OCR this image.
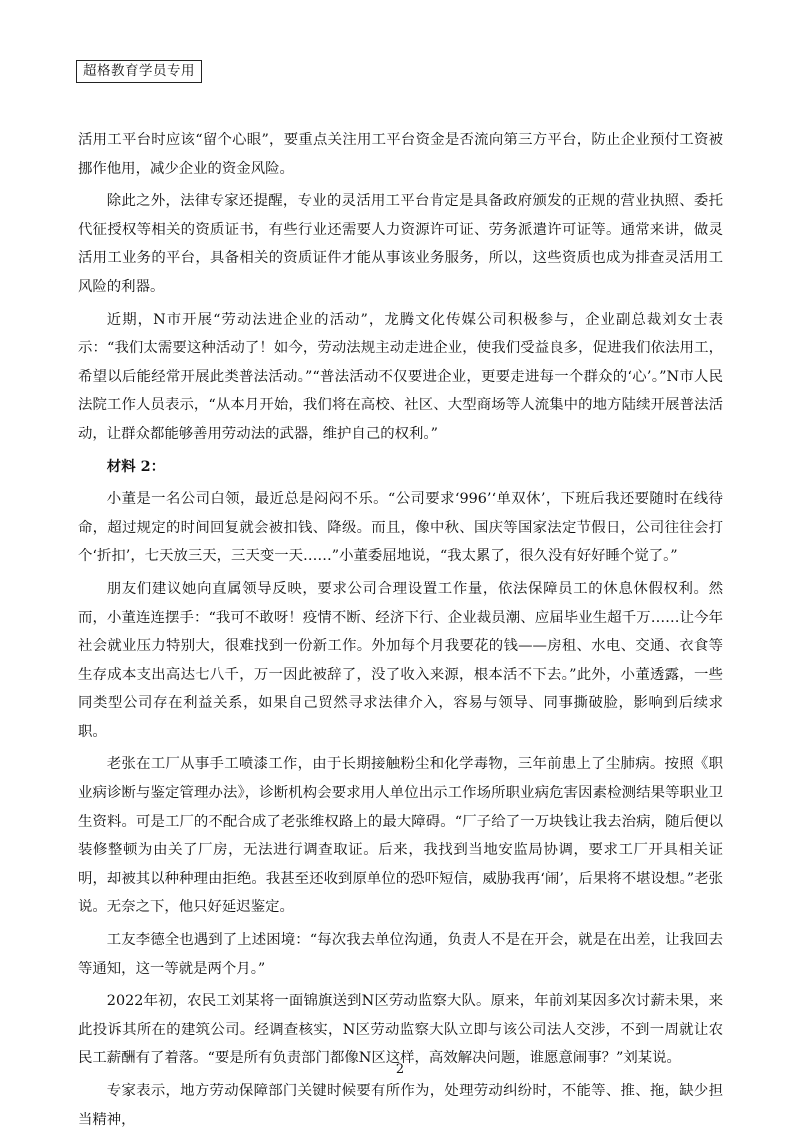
超格教育学员专用

活用工平台时应该“留个心眼”，要重点关注用工平台资金是否流向第三方平台，防止企业预付工资被挪作他用，减少企业的资金风险。

除此之外，法律专家还提醒，专业的灵活用工平台肯定是具备政府颁发的正规的营业执照、委托代征授权等相关的资质证书，有些行业还需要人力资源许可证、劳务派遣许可证等。通常来讲，做灵活用工业务的平台，具备相关的资质证件才能从事该业务服务，所以，这些资质也成为排查灵活用工风险的利器。

近期，N市开展“劳动法进企业的活动”，龙腾文化传媒公司积极参与，企业副总裁刘女士表示：“我们太需要这种活动了！如今，劳动法规主动走进企业，使我们受益良多，促进我们依法用工，希望以后能经常开展此类普法活动。”“普法活动不仅要进企业，更要走进每一个群众的‘心’。”N市人民法院工作人员表示，“从本月开始，我们将在高校、社区、大型商场等人流集中的地方陆续开展普法活动，让群众都能够善用劳动法的武器，维护自己的权利。”

材料 2：

小董是一名公司白领，最近总是闷闷不乐。“公司要求‘996’‘单双休’，下班后我还要随时在线待命，超过规定的时间回复就会被扣钱、降级。而且，像中秋、国庆等国家法定节假日，公司往往会打个‘折扣’，七天放三天，三天变一天……”小董委屈地说，“我太累了，很久没有好好睡个觉了。”

朋友们建议她向直属领导反映，要求公司合理设置工作量，依法保障员工的休息休假权利。然而，小董连连摆手：“我可不敢呀！疫情不断、经济下行、企业裁员潮、应届毕业生超千万……让今年社会就业压力特别大，很难找到一份新工作。外加每个月我要花的钱——房租、水电、交通、衣食等生存成本支出高达七八千，万一因此被辞了，没了收入来源，根本活不下去。”此外，小董透露，一些同类型公司存在利益关系，如果自己贸然寻求法律介入，容易与领导、同事撕破脸，影响到后续求职。

老张在工厂从事手工喷漆工作，由于长期接触粉尘和化学毒物，三年前患上了尘肺病。按照《职业病诊断与鉴定管理办法》，诊断机构会要求用人单位出示工作场所职业病危害因素检测结果等职业卫生资料。可是工厂的不配合成了老张维权路上的最大障碍。“厂子给了一万块钱让我去治病，随后便以装修整顿为由关了厂房，无法进行调查取证。后来，我找到当地安监局协调，要求工厂开具相关证明，却被其以种种理由拒绝。我甚至还收到原单位的恐吓短信，威胁我再‘闹’，后果将不堪设想。”老张说。无奈之下，他只好延迟鉴定。

工友李德全也遇到了上述困境：“每次我去单位沟通，负责人不是在开会，就是在出差，让我回去等通知，这一等就是两个月。”

2022年初，农民工刘某将一面锦旗送到N区劳动监察大队。原来，年前刘某因多次讨薪未果，来此投诉其所在的建筑公司。经调查核实，N区劳动监察大队立即与该公司法人交涉，不到一周就让农民工薪酬有了着落。“要是所有负责部门都像N区这样，高效解决问题，谁愿意闹事？”刘某说。

专家表示，地方劳动保障部门关键时候要有所作为，处理劳动纠纷时，不能等、推、拖，缺少担当精神，

2
